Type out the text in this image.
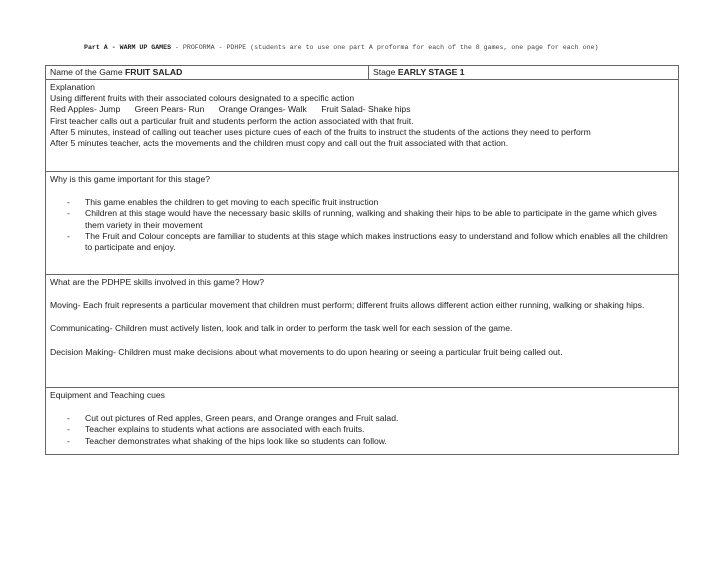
Part A - WARM UP GAMES - PROFORMA - PDHPE (students are to use one part A proforma for each of the 8 games, one page for each one)
Name of the Game FRUIT SALAD	Stage EARLY STAGE 1
Explanation
Using different fruits with their associated colours designated to a specific action
Red Apples- Jump Green Pears- Run Orange Oranges- Walk Fruit Salad- Shake hips
First teacher calls out a particular fruit and students perform the action associated with that fruit.
After 5 minutes, instead of calling out teacher uses picture cues of each of the fruits to instruct the students of the actions they need to perform
After 5 minutes teacher, acts the movements and the children must copy and call out the fruit associated with that action.
Why is this game important for this stage?
- This game enables the children to get moving to each specific fruit instruction
- Children at this stage would have the necessary basic skills of running, walking and shaking their hips to be able to participate in the game which gives them variety in their movement
- The Fruit and Colour concepts are familiar to students at this stage which makes instructions easy to understand and follow which enables all the children to participate and enjoy.
What are the PDHPE skills involved in this game? How?

Moving- Each fruit represents a particular movement that children must perform; different fruits allows different action either running, walking or shaking hips.

Communicating- Children must actively listen, look and talk in order to perform the task well for each session of the game.

Decision Making- Children must make decisions about what movements to do upon hearing or seeing a particular fruit being called out.

Equipment and Teaching cues
- Cut out pictures of Red apples, Green pears, and Orange oranges and Fruit salad.
- Teacher explains to students what actions are associated with each fruits.
- Teacher demonstrates what shaking of the hips look like so students can follow.
